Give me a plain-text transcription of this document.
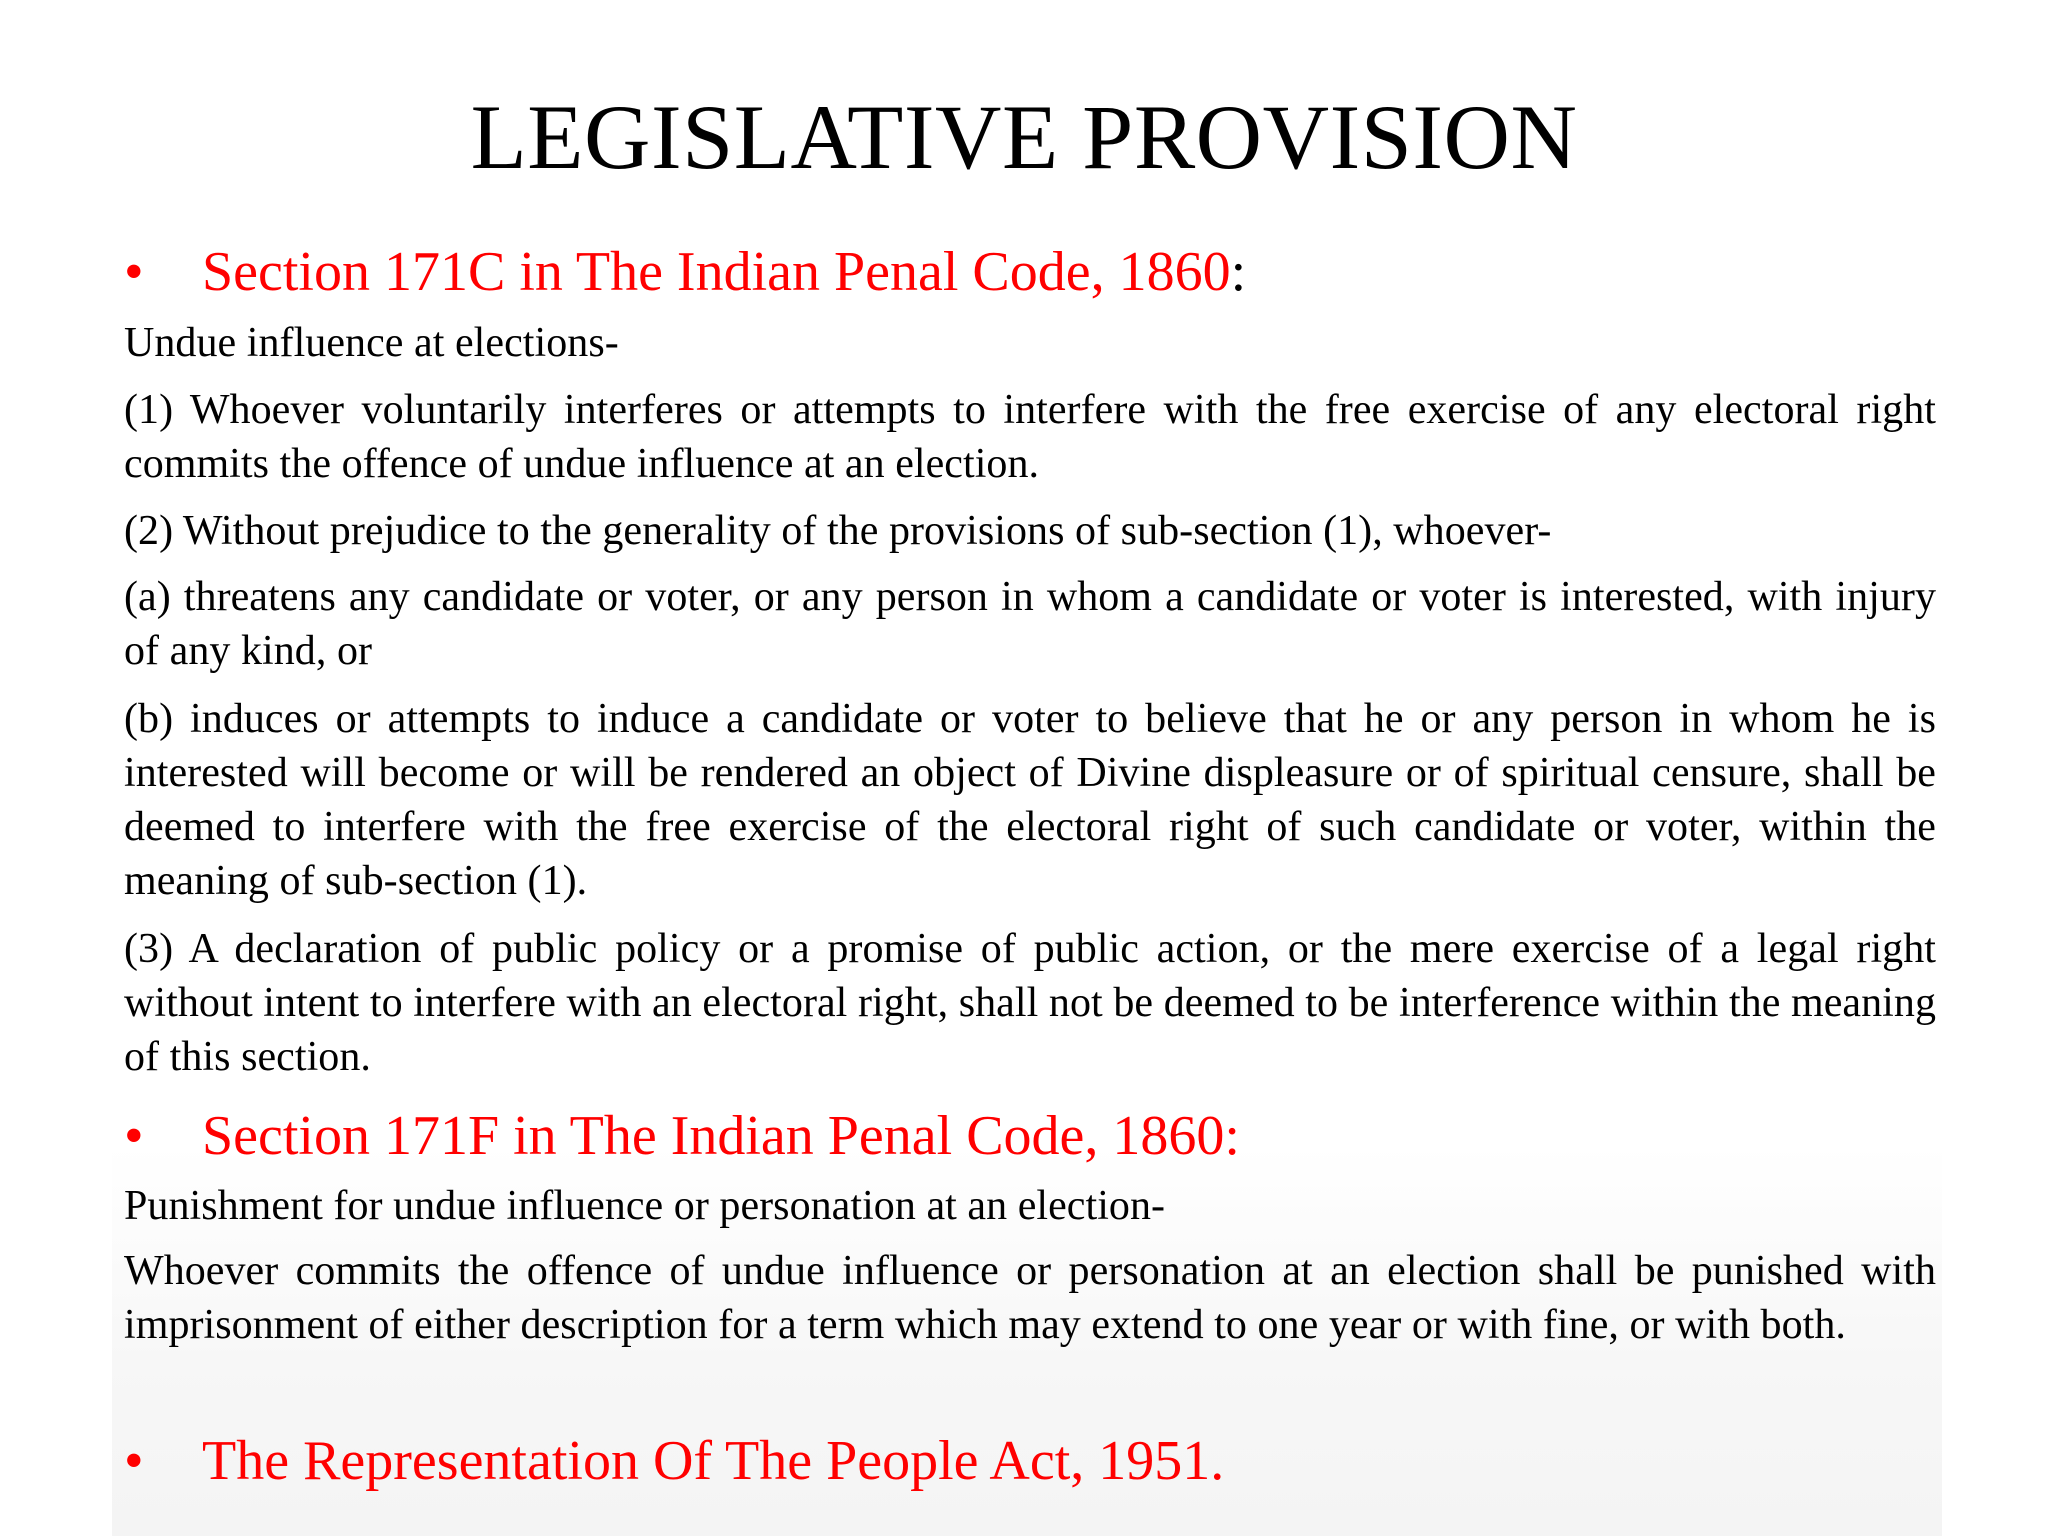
LEGISLATIVE PROVISION
• Section 171C in The Indian Penal Code, 1860:

Undue influence at elections-

(1) Whoever voluntarily interferes or attempts to interfere with the free exercise of any electoral right commits the offence of undue influence at an election.

(2) Without prejudice to the generality of the provisions of sub-section (1), whoever-

(a) threatens any candidate or voter, or any person in whom a candidate or voter is interested, with injury of any kind, or

(b) induces or attempts to induce a candidate or voter to believe that he or any person in whom he is interested will become or will be rendered an object of Divine displeasure or of spiritual censure, shall be deemed to interfere with the free exercise of the electoral right of such candidate or voter, within the meaning of sub-section (1).

(3) A declaration of public policy or a promise of public action, or the mere exercise of a legal right without intent to interfere with an electoral right, shall not be deemed to be interference within the meaning of this section.

• Section 171F in The Indian Penal Code, 1860:

Punishment for undue influence or personation at an election-

Whoever commits the offence of undue influence or personation at an election shall be punished with imprisonment of either description for a term which may extend to one year or with fine, or with both.

• The Representation Of The People Act, 1951.
